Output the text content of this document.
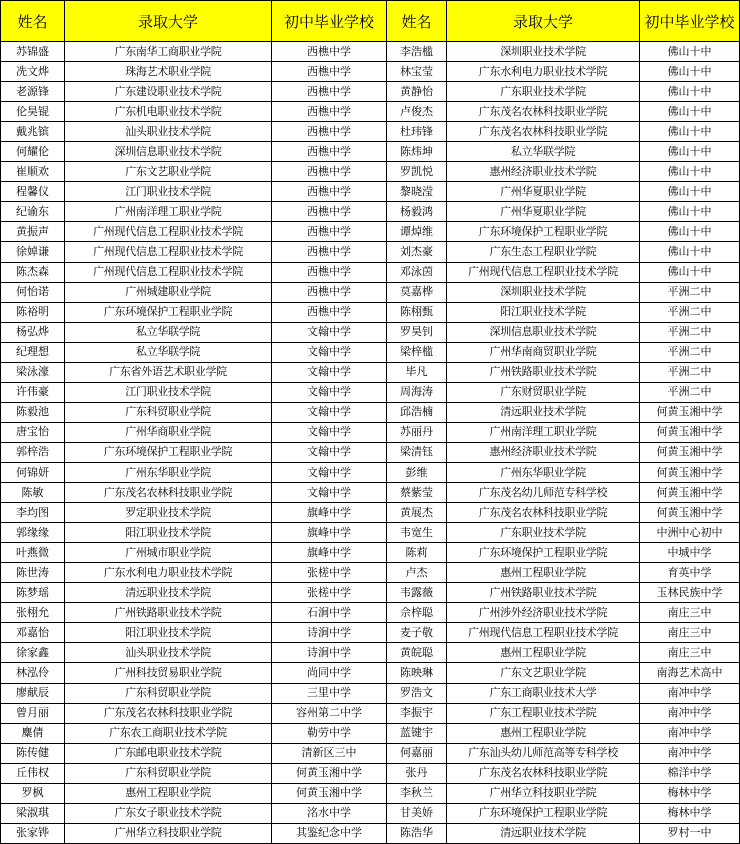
姓名	录取大学	初中毕业学校	姓名	录取大学	初中毕业学校
苏锦盛	广东南华工商职业学院	西樵中学	李浩槛	深圳职业技术学院	佛山十中
冼文烨	珠海艺术职业学院	西樵中学	林宝莹	广东水利电力职业技术学院	佛山十中
老源锋	广东建设职业技术学院	西樵中学	黄静怡	广东职业技术学院	佛山十中
伦昊锟	广东机电职业技术学院	西樵中学	卢俊杰	广东茂名农林科技职业学院	佛山十中
戴兆镔	汕头职业技术学院	西樵中学	杜玮锋	广东茂名农林科技职业学院	佛山十中
何耀伦	深圳信息职业技术学院	西樵中学	陈炜坤	私立华联学院	佛山十中
崔顺欢	广东文艺职业学院	西樵中学	罗凯悦	惠州经济职业技术学院	佛山十中
程馨仪	江门职业技术学院	西樵中学	黎晓滢	广州华夏职业学院	佛山十中
纪谕东	广州南洋理工职业学院	西樵中学	杨毅鸿	广州华夏职业学院	佛山十中
黄振声	广州现代信息工程职业技术学院	西樵中学	谭焯维	广东环境保护工程职业学院	佛山十中
徐婥谦	广州现代信息工程职业技术学院	西樵中学	刘杰豪	广东生态工程职业学院	佛山十中
陈杰森	广州现代信息工程职业技术学院	西樵中学	邓泳茵	广州现代信息工程职业技术学院	佛山十中
何怡诺	广州城建职业学院	西樵中学	莫嘉桦	深圳职业技术学院	平洲二中
陈裕明	广东环境保护工程职业学院	西樵中学	陈栩甄	阳江职业技术学院	平洲二中
杨弘烨	私立华联学院	文翰中学	罗昊钊	深圳信息职业技术学院	平洲二中
纪理想	私立华联学院	文翰中学	梁梓槛	广州华南商贸职业学院	平洲二中
梁泳濠	广东省外语艺术职业学院	文翰中学	毕凡	广州铁路职业技术学院	平洲二中
许伟豪	江门职业技术学院	文翰中学	周海涛	广东财贸职业学院	平洲二中
陈毅池	广东科贸职业学院	文翰中学	邱浩楠	清远职业技术学院	何黄玉湘中学
唐宝怡	广州华商职业学院	文翰中学	苏丽丹	广州南洋理工职业学院	何黄玉湘中学
郭梓浩	广东环境保护工程职业学院	文翰中学	梁清钰	惠州经济职业技术学院	何黄玉湘中学
何锦妍	广州东华职业学院	文翰中学	彭维	广州东华职业学院	何黄玉湘中学
陈敏	广东茂名农林科技职业学院	文翰中学	蔡紫莹	广东茂名幼儿师范专科学校	何黄玉湘中学
李均图	罗定职业技术学院	旗峰中学	黄展杰	广东茂名农林科技职业学院	何黄玉湘中学
郭缘缘	阳江职业技术学院	旗峰中学	韦宽生	广东职业技术学院	中洲中心初中
叶燕微	广州城市职业学院	旗峰中学	陈莉	广东环境保护工程职业学院	中城中学
陈世涛	广东水利电力职业技术学院	张槎中学	卢杰	惠州工程职业学院	育英中学
陈梦瑶	清远职业技术学院	张槎中学	韦露薇	广州铁路职业技术学院	玉林民族中学
张栩允	广州铁路职业技术学院	石涧中学	佘梓聪	广州涉外经济职业技术学院	南庄三中
邓嘉怡	阳江职业技术学院	诗涧中学	麦子敬	广州现代信息工程职业技术学院	南庄三中
徐家鑫	汕头职业技术学院	诗涧中学	黄皖聪	惠州工程职业学院	南庄三中
林泓伶	广州科技贸易职业学院	尚同中学	陈映琳	广东文艺职业学院	南海艺术高中
廖献辰	广东科贸职业学院	三里中学	罗浩文	广东工商职业技术大学	南冲中学
曾月丽	广东茂名农林科技职业学院	容州第二中学	李振宇	广东工程职业技术学院	南冲中学
麋倩	广东农工商职业技术学院	勒劳中学	蓝键宇	惠州工程职业学院	南冲中学
陈传健	广东邮电职业技术学院	清新区三中	何嘉丽	广东汕头幼儿师范高等专科学校	南冲中学
丘伟权	广东科贸职业学院	何黄玉湘中学	张丹	广东茂名农林科技职业学院	棉洋中学
罗枫	惠州工程职业学院	何黄玉湘中学	李秋兰	广州华立科技职业学院	梅林中学
梁淑琪	广东女子职业技术学院	洺水中学	甘美娇	广东环境保护工程职业学院	梅林中学
张家铧	广州华立科技职业学院	其鉴纪念中学	陈浩华	清远职业技术学院	罗村一中
